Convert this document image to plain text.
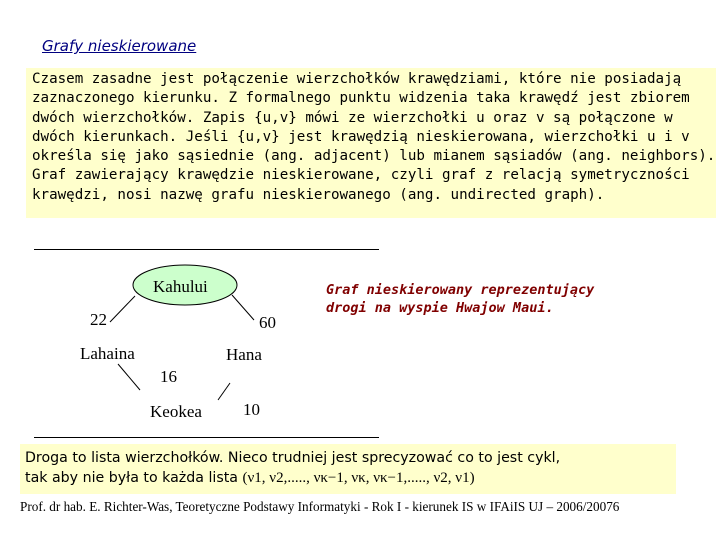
Grafy nieskierowane
Czasem zasadne jest połączenie wierzchołków krawędziami, które nie posiadają
zaznaczonego kierunku. Z formalnego punktu widzenia taka krawędź jest zbiorem
dwóch wierzchołków. Zapis {u,v} mówi ze wierzchołki u oraz v są połączone w
dwóch kierunkach. Jeśli {u,v} jest krawędzią nieskierowana, wierzchołki u i v
określa się jako sąsiednie (ang. adjacent) lub mianem sąsiadów (ang. neighbors).
Graf zawierający krawędzie nieskierowane, czyli graf z relacją symetryczności
krawędzi, nosi nazwę grafu nieskierowanego (ang. undirected graph).
Kahului
Lahaina	Hana
Keokea
22	60
16
10
Graf nieskierowany reprezentujący
drogi na wyspie Hwajow Maui.
Droga to lista wierzchołków. Nieco trudniej jest sprecyzować co to jest cykl,
tak aby nie była to każda lista (ν1, ν2,....., νκ−1, νκ, νκ−1,....., ν2, ν1)
Prof. dr hab. E. Richter-Was, Teoretyczne Podstawy Informatyki - Rok I - kierunek IS w IFAiIS UJ – 2006/20076
